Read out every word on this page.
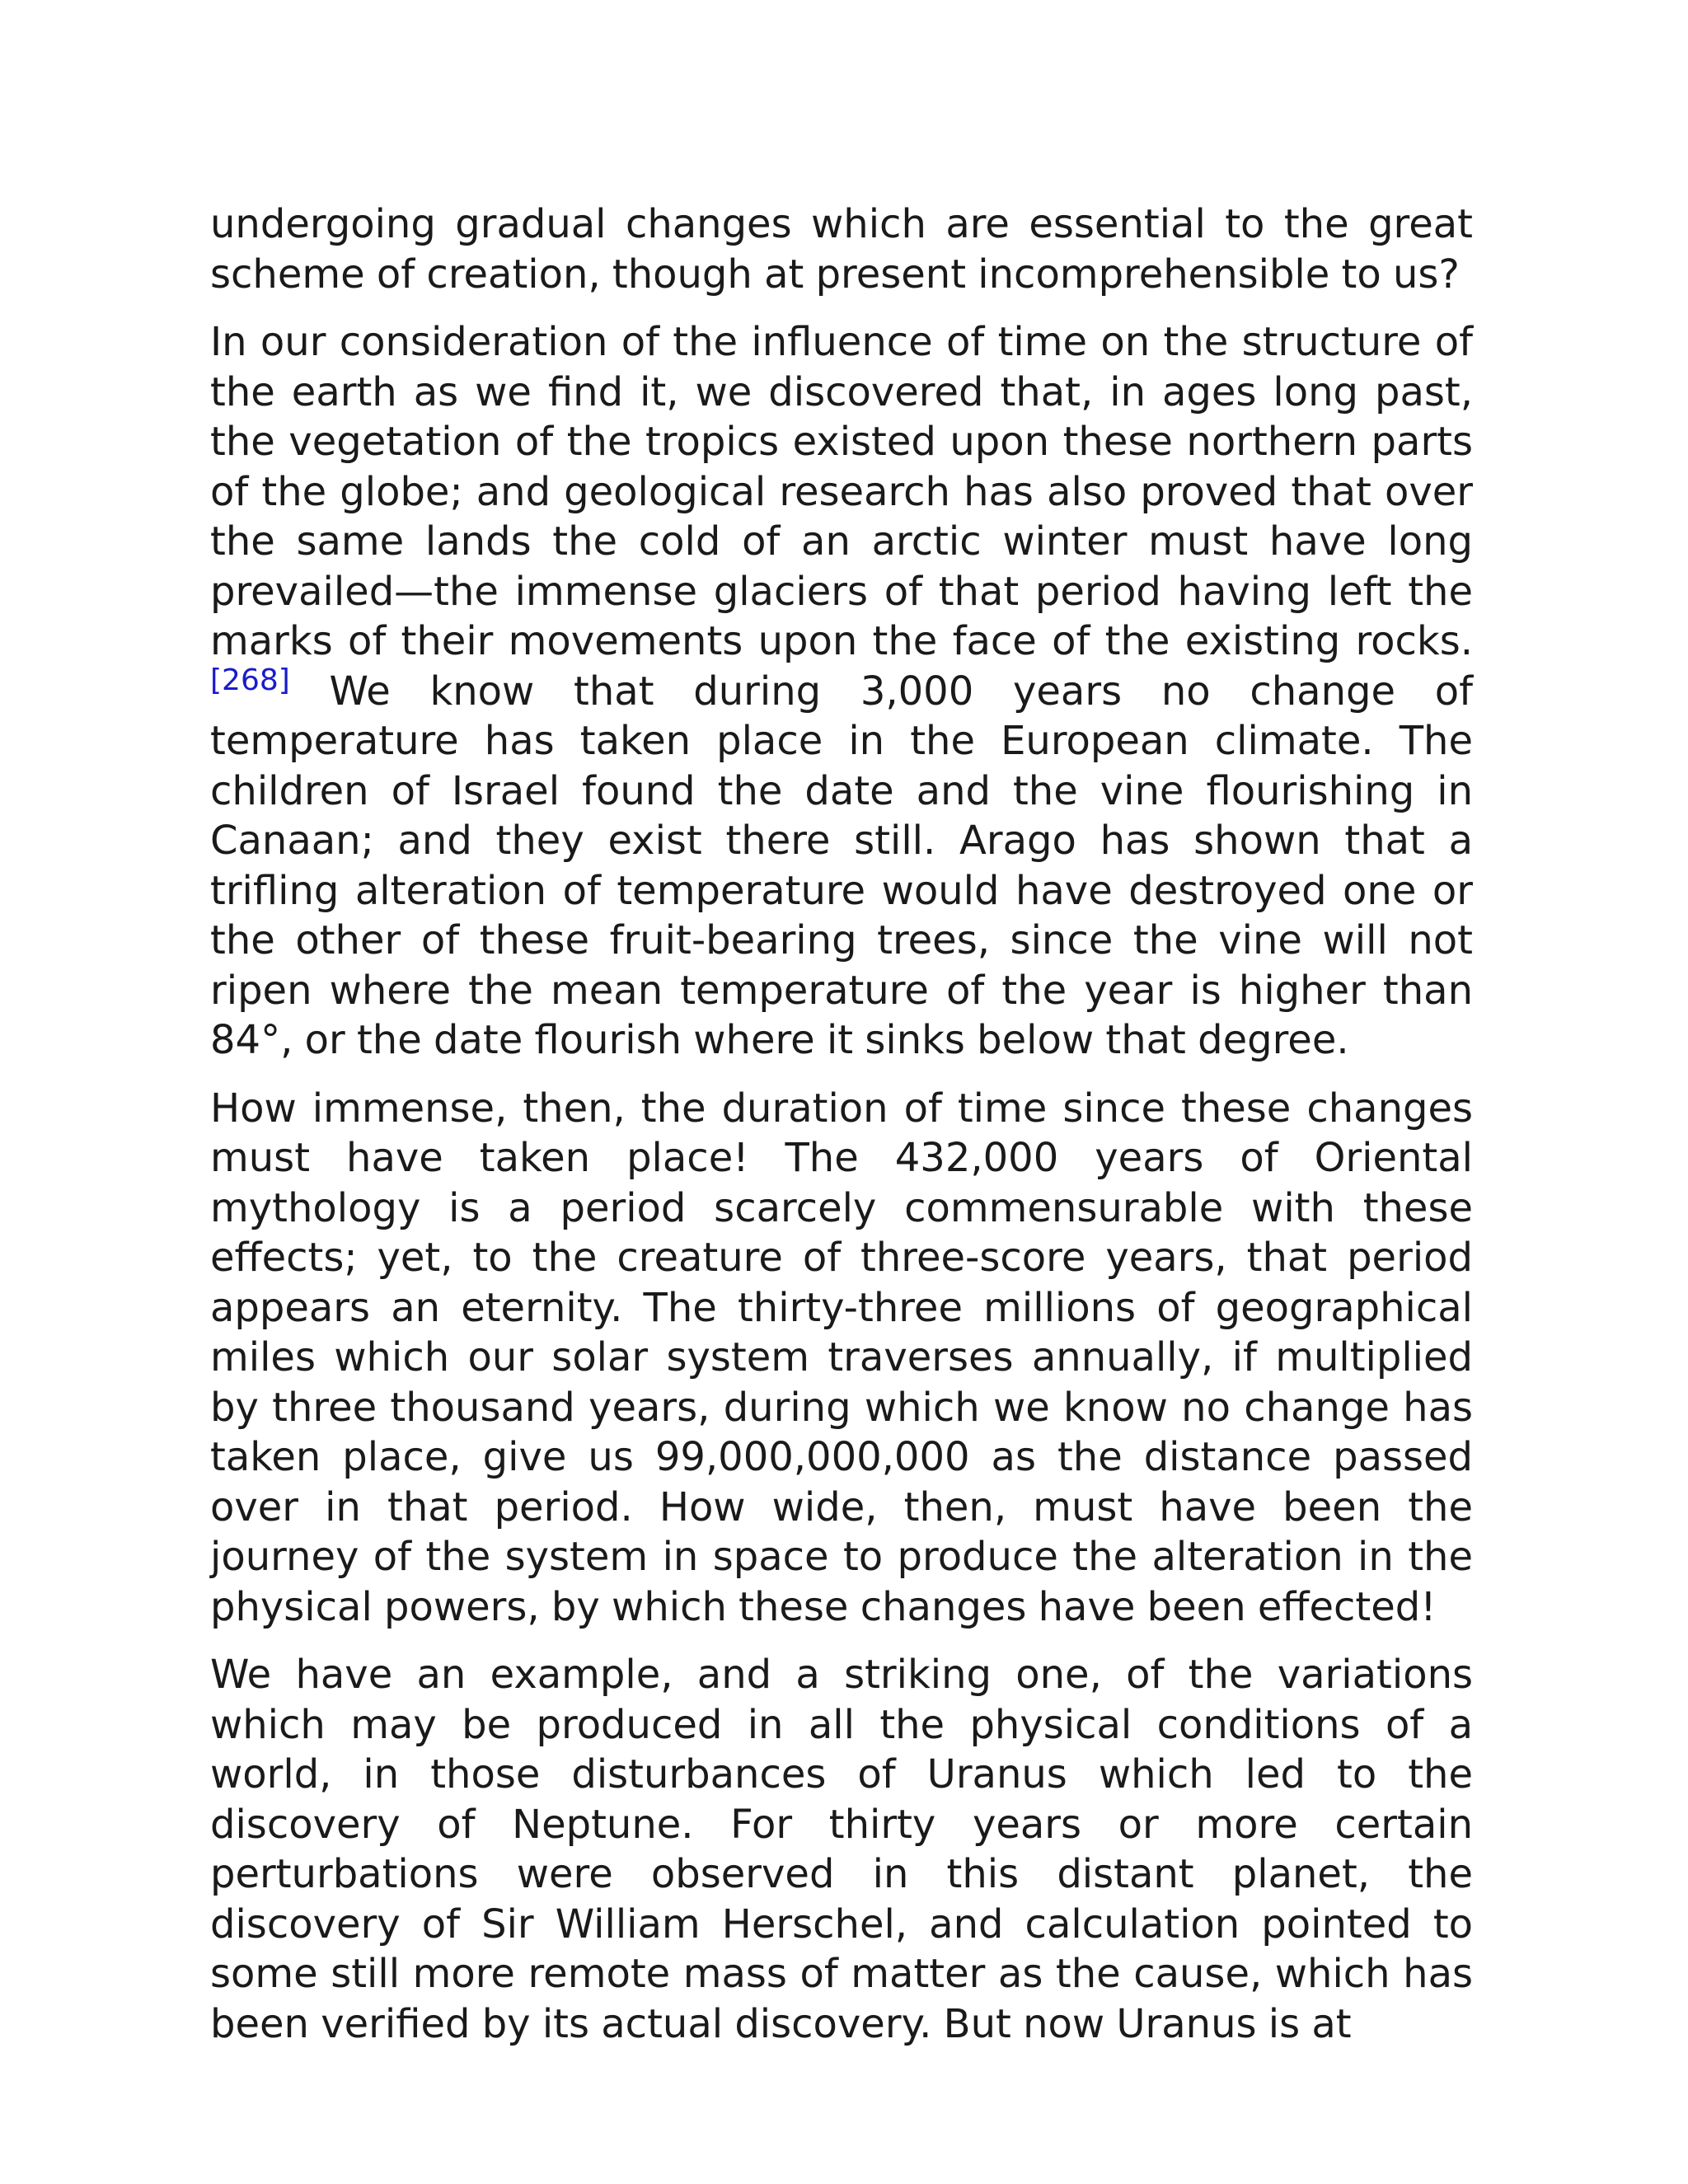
undergoing gradual changes which are essential to the great scheme of creation, though at present incomprehensible to us?

In our consideration of the influence of time on the structure of the earth as we find it, we discovered that, in ages long past, the vegetation of the tropics existed upon these northern parts of the globe; and geological research has also proved that over the same lands the cold of an arctic winter must have long prevailed—the immense glaciers of that period having left the marks of their movements upon the face of the existing rocks.[268] We know that during 3,000 years no change of temperature has taken place in the European climate. The children of Israel found the date and the vine flourishing in Canaan; and they exist there still. Arago has shown that a trifling alteration of temperature would have destroyed one or the other of these fruit-bearing trees, since the vine will not ripen where the mean temperature of the year is higher than 84°, or the date flourish where it sinks below that degree.

How immense, then, the duration of time since these changes must have taken place! The 432,000 years of Oriental mythology is a period scarcely commensurable with these effects; yet, to the creature of three-score years, that period appears an eternity. The thirty-three millions of geographical miles which our solar system traverses annually, if multiplied by three thousand years, during which we know no change has taken place, give us 99,000,000,000 as the distance passed over in that period. How wide, then, must have been the journey of the system in space to produce the alteration in the physical powers, by which these changes have been effected!

We have an example, and a striking one, of the variations which may be produced in all the physical conditions of a world, in those disturbances of Uranus which led to the discovery of Neptune. For thirty years or more certain perturbations were observed in this distant planet, the discovery of Sir William Herschel, and calculation pointed to some still more remote mass of matter as the cause, which has been verified by its actual discovery. But now Uranus is at
